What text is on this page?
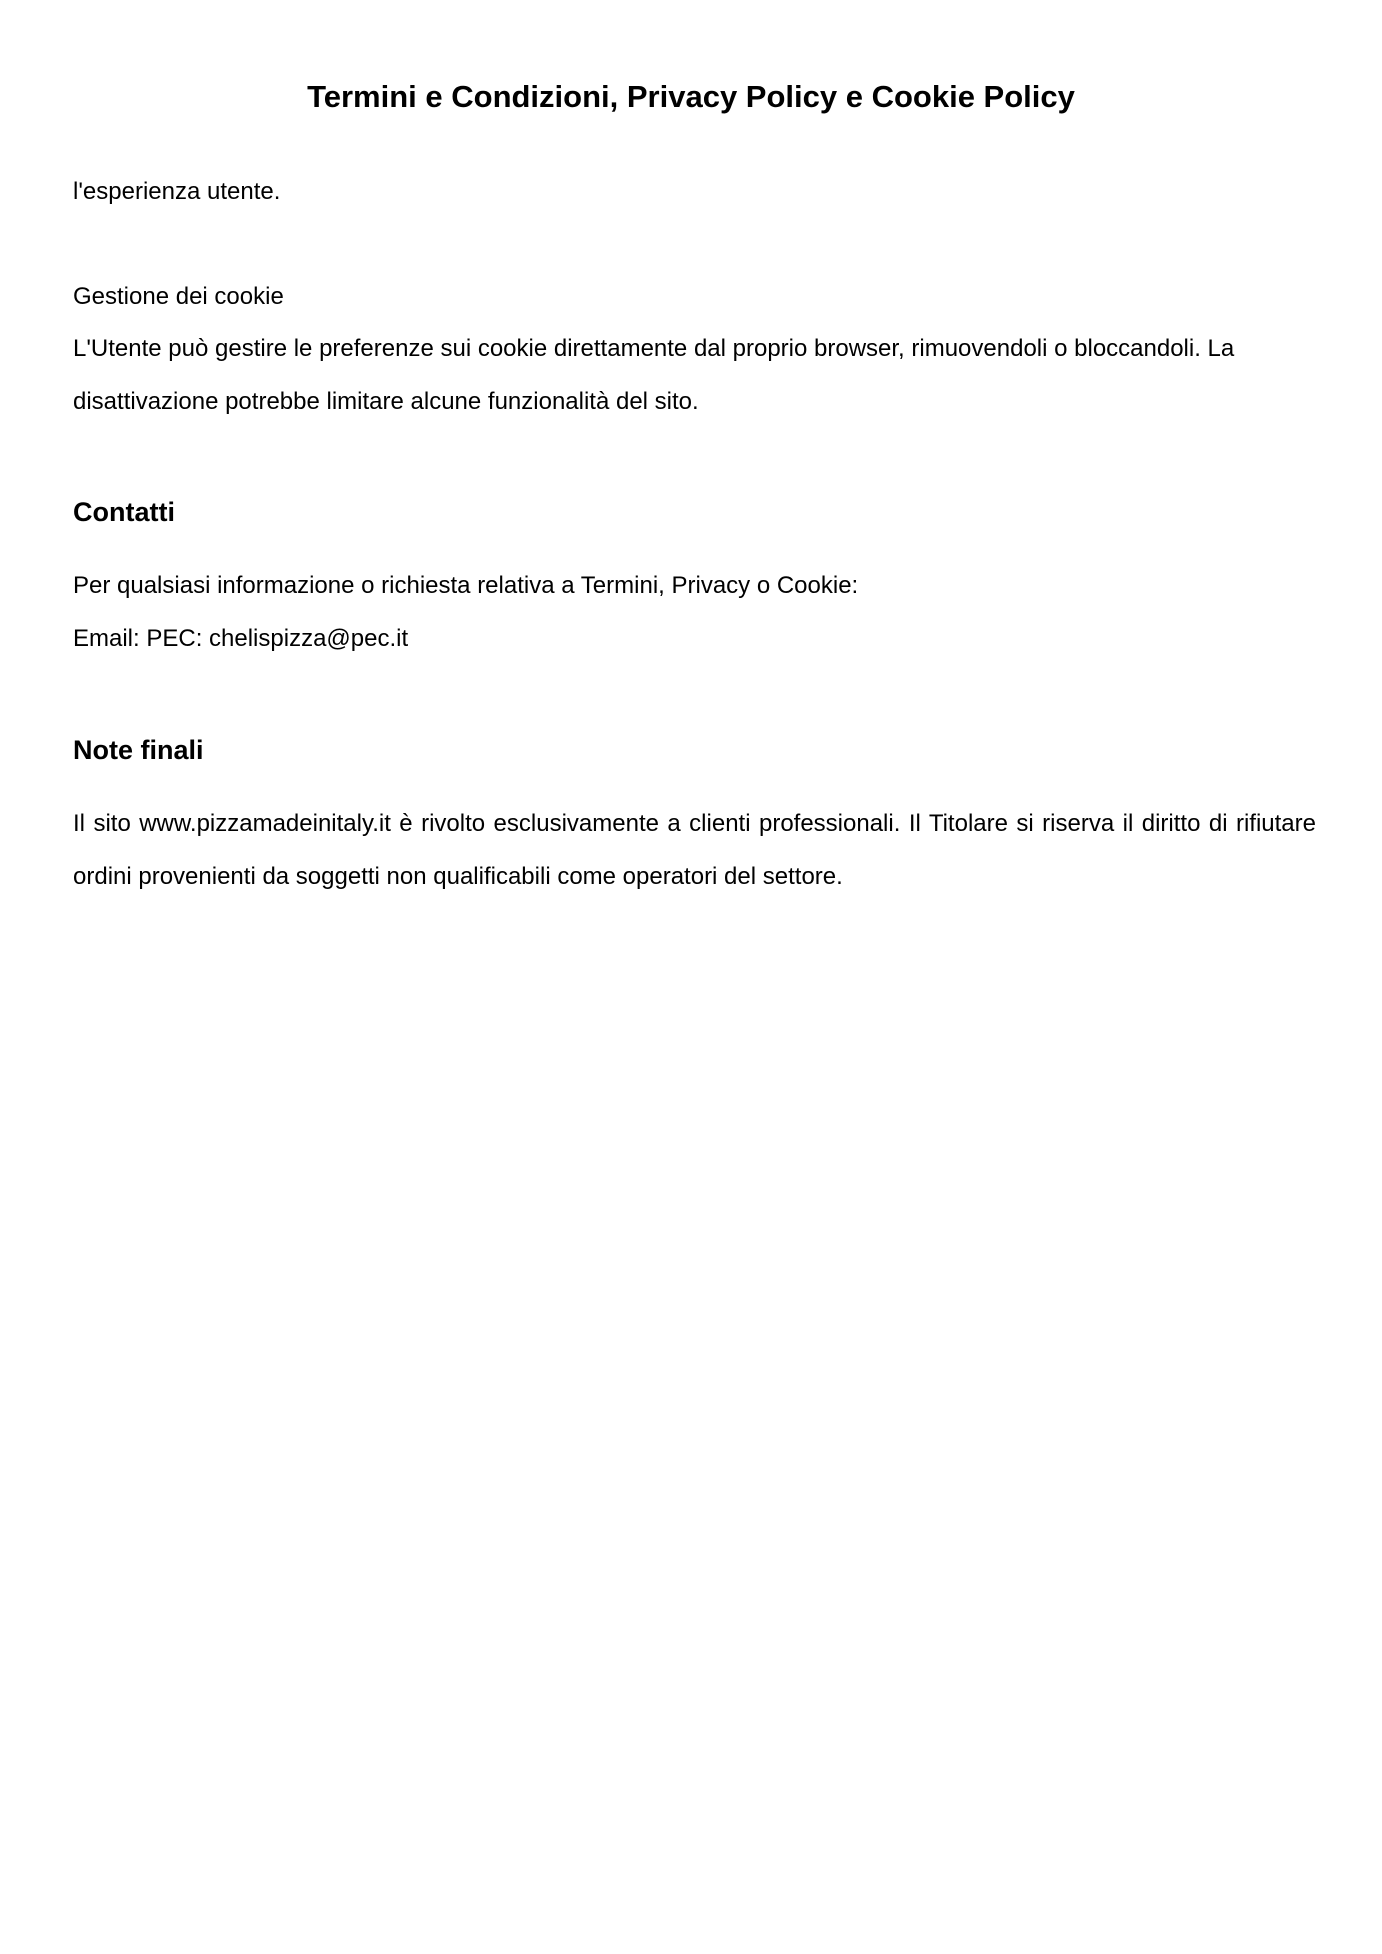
Termini e Condizioni, Privacy Policy e Cookie Policy

l'esperienza utente.

Gestione dei cookie

L'Utente può gestire le preferenze sui cookie direttamente dal proprio browser, rimuovendoli o bloccandoli. La disattivazione potrebbe limitare alcune funzionalità del sito.

Contatti

Per qualsiasi informazione o richiesta relativa a Termini, Privacy o Cookie:

Email: PEC: chelispizza@pec.it

Note finali

Il sito www.pizzamadeinitaly.it è rivolto esclusivamente a clienti professionali. Il Titolare si riserva il diritto di rifiutare ordini provenienti da soggetti non qualificabili come operatori del settore.
